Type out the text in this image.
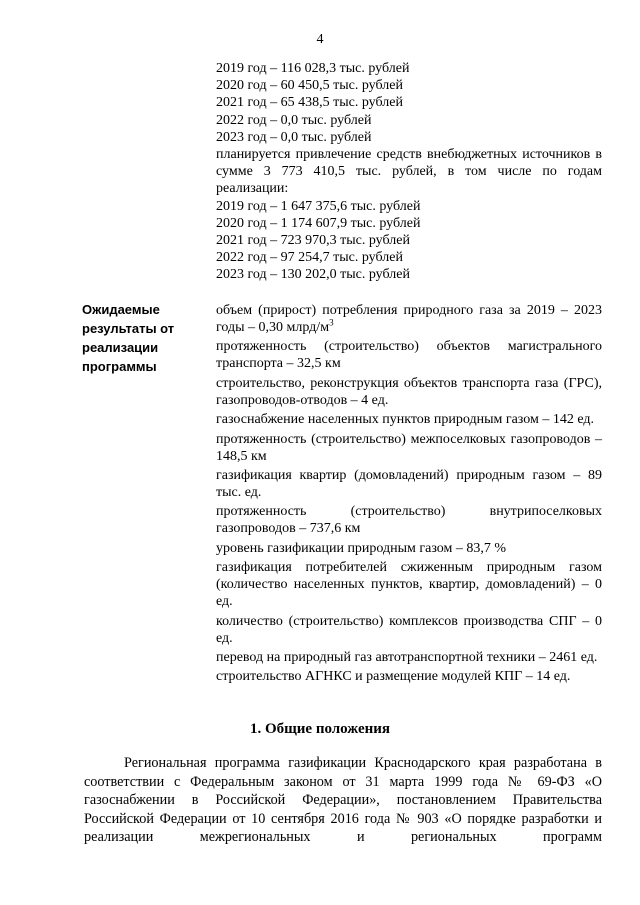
4
2019 год – 116 028,3 тыс. рублей
2020 год – 60 450,5 тыс. рублей
2021 год – 65 438,5 тыс. рублей
2022 год – 0,0 тыс. рублей
2023 год – 0,0 тыс. рублей
планируется привлечение средств внебюджетных источников в сумме 3 773 410,5 тыс. рублей, в том числе по годам реализации:
2019 год – 1 647 375,6 тыс. рублей
2020 год – 1 174 607,9 тыс. рублей
2021 год – 723 970,3 тыс. рублей
2022 год – 97 254,7 тыс. рублей
2023 год – 130 202,0 тыс. рублей
Ожидаемые результаты от реализации программы
объем (прирост) потребления природного газа за 2019 – 2023 годы – 0,30 млрд/$м^3$
протяженность (строительство) объектов магистрального транспорта – 32,5 км
строительство, реконструкция объектов транспорта газа (ГРС), газопроводов-отводов – 4 ед.
газоснабжение населенных пунктов природным газом – 142 ед.
протяженность (строительство) межпоселковых газопроводов – 148,5 км
газификация квартир (домовладений) природным газом – 89 тыс. ед.
протяженность (строительство) внутрипоселковых газопроводов – 737,6 км
уровень газификации природным газом – 83,7 %
газификация потребителей сжиженным природным газом (количество населенных пунктов, квартир, домовладений) – 0 ед.
количество (строительство) комплексов производства СПГ – 0 ед.
перевод на природный газ автотранспортной техники – 2461 ед.
строительство АГНКС и размещение модулей КПГ – 14 ед.
1. Общие положения
Региональная программа газификации Краснодарского края разработана в соответствии с Федеральным законом от 31 марта 1999 года № 69-ФЗ «О газоснабжении в Российской Федерации», постановлением Правительства Российской Федерации от 10 сентября 2016 года № 903 «О порядке разработки и реализации межрегиональных и региональных программ
